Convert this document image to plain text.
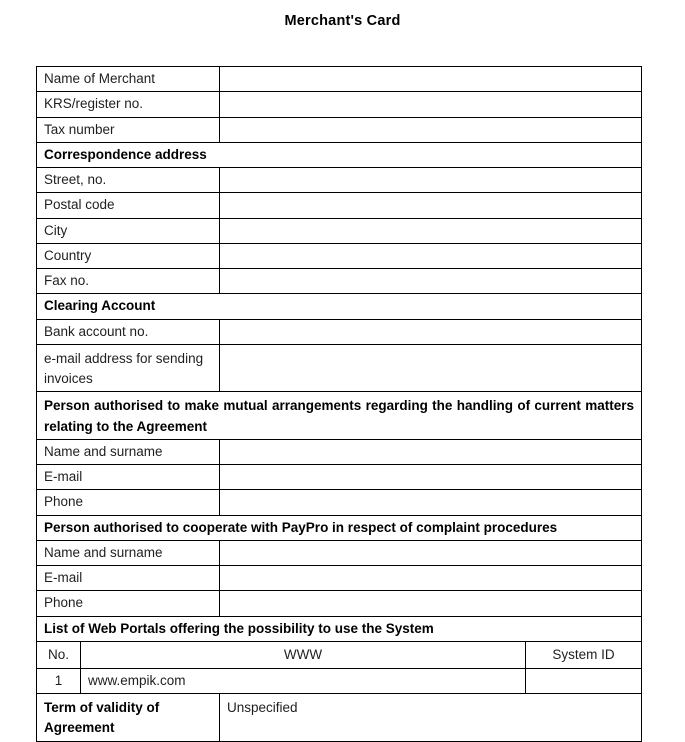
Merchant's Card
Name of Merchant			
KRS/register no.			
Tax number			
Correspondence address			
Street, no.			
Postal code			
City			
Country			
Fax no.			
Clearing Account			
Bank account no.			
e-mail address for sending invoices			
Person authorised to make mutual arrangements regarding the handling of current matters relating to the Agreement			
Name and surname			
E-mail			
Phone			
Person authorised to cooperate with PayPro in respect of complaint procedures			
Name and surname			
E-mail			
Phone			
List of Web Portals offering the possibility to use the System			
No.	WWW		System ID
1	www.empik.com		
Term of validity of Agreement		Unspecified	
